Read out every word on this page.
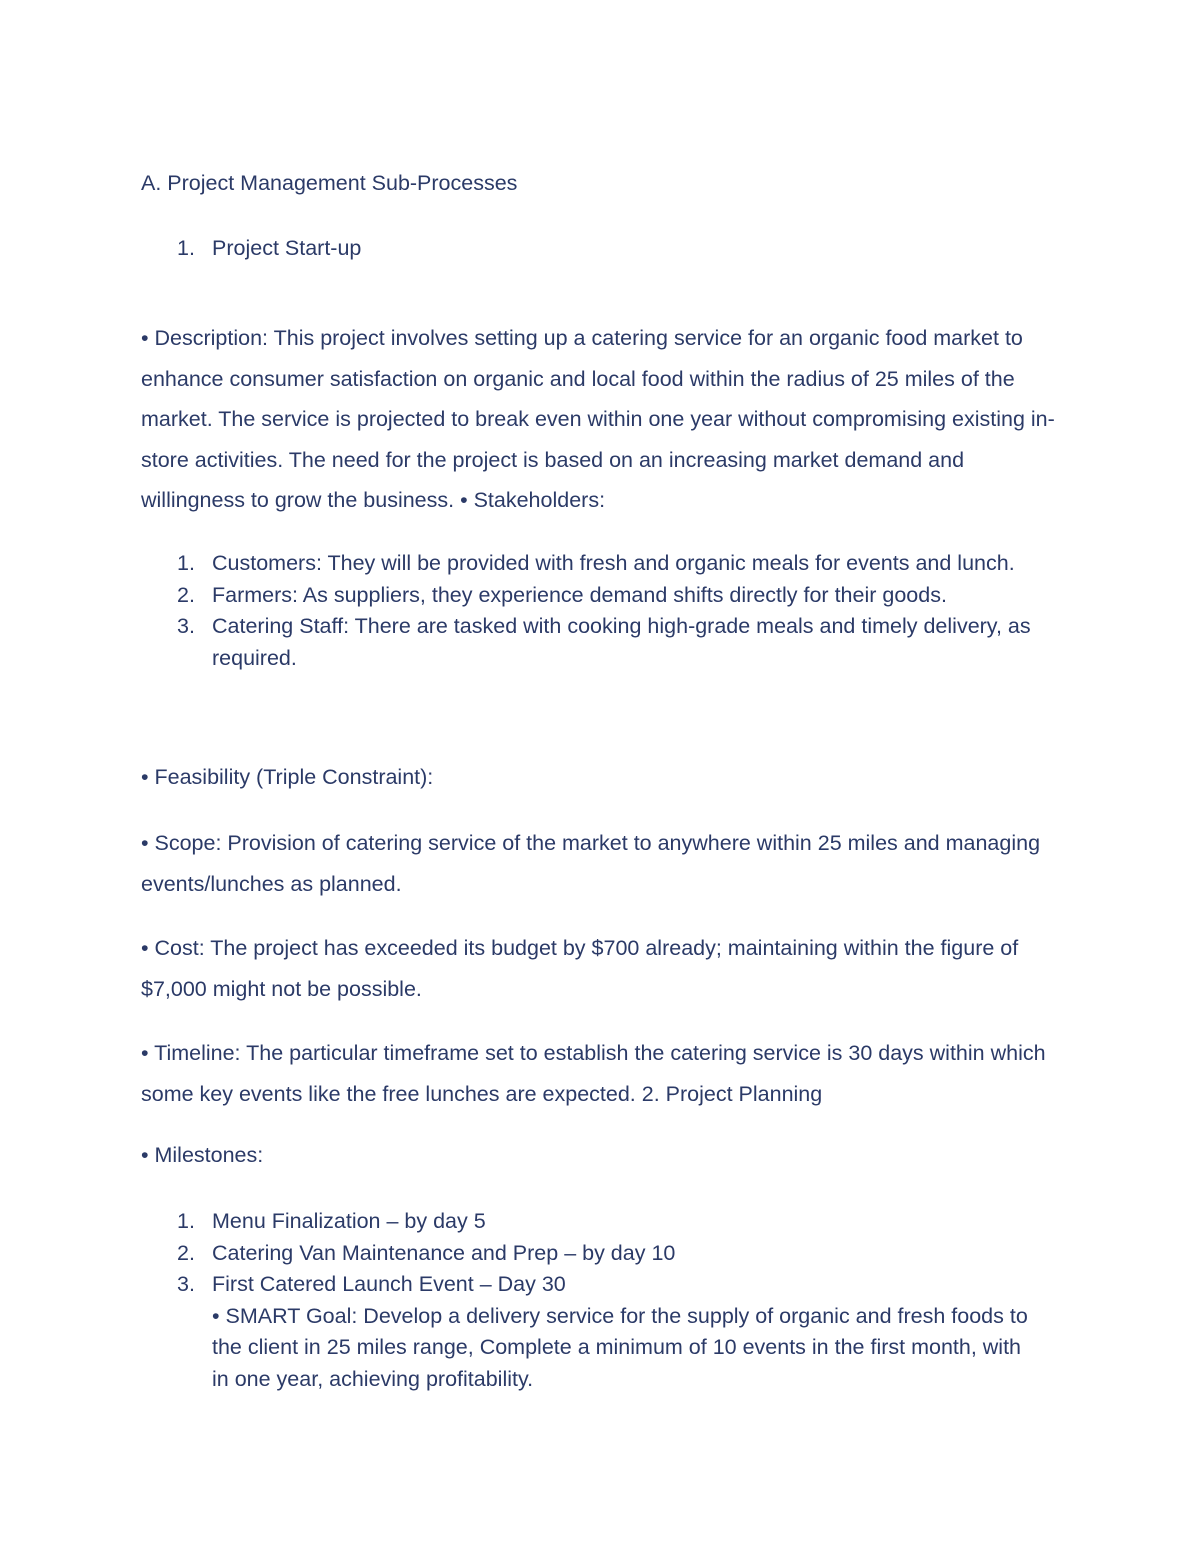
A. Project Management Sub-Processes

1. Project Start-up

• Description: This project involves setting up a catering service for an organic food market to enhance consumer satisfaction on organic and local food within the radius of 25 miles of the market. The service is projected to break even within one year without compromising existing in-store activities. The need for the project is based on an increasing market demand and willingness to grow the business. • Stakeholders:

1. Customers: They will be provided with fresh and organic meals for events and lunch.
2. Farmers: As suppliers, they experience demand shifts directly for their goods.
3. Catering Staff: There are tasked with cooking high-grade meals and timely delivery, as required.

• Feasibility (Triple Constraint):

• Scope: Provision of catering service of the market to anywhere within 25 miles and managing events/lunches as planned.

• Cost: The project has exceeded its budget by $700 already; maintaining within the figure of $7,000 might not be possible.

• Timeline: The particular timeframe set to establish the catering service is 30 days within which some key events like the free lunches are expected. 2. Project Planning

• Milestones:

1. Menu Finalization – by day 5
2. Catering Van Maintenance and Prep – by day 10
3. First Catered Launch Event – Day 30
• SMART Goal: Develop a delivery service for the supply of organic and fresh foods to the client in 25 miles range, Complete a minimum of 10 events in the first month, with in one year, achieving profitability.
